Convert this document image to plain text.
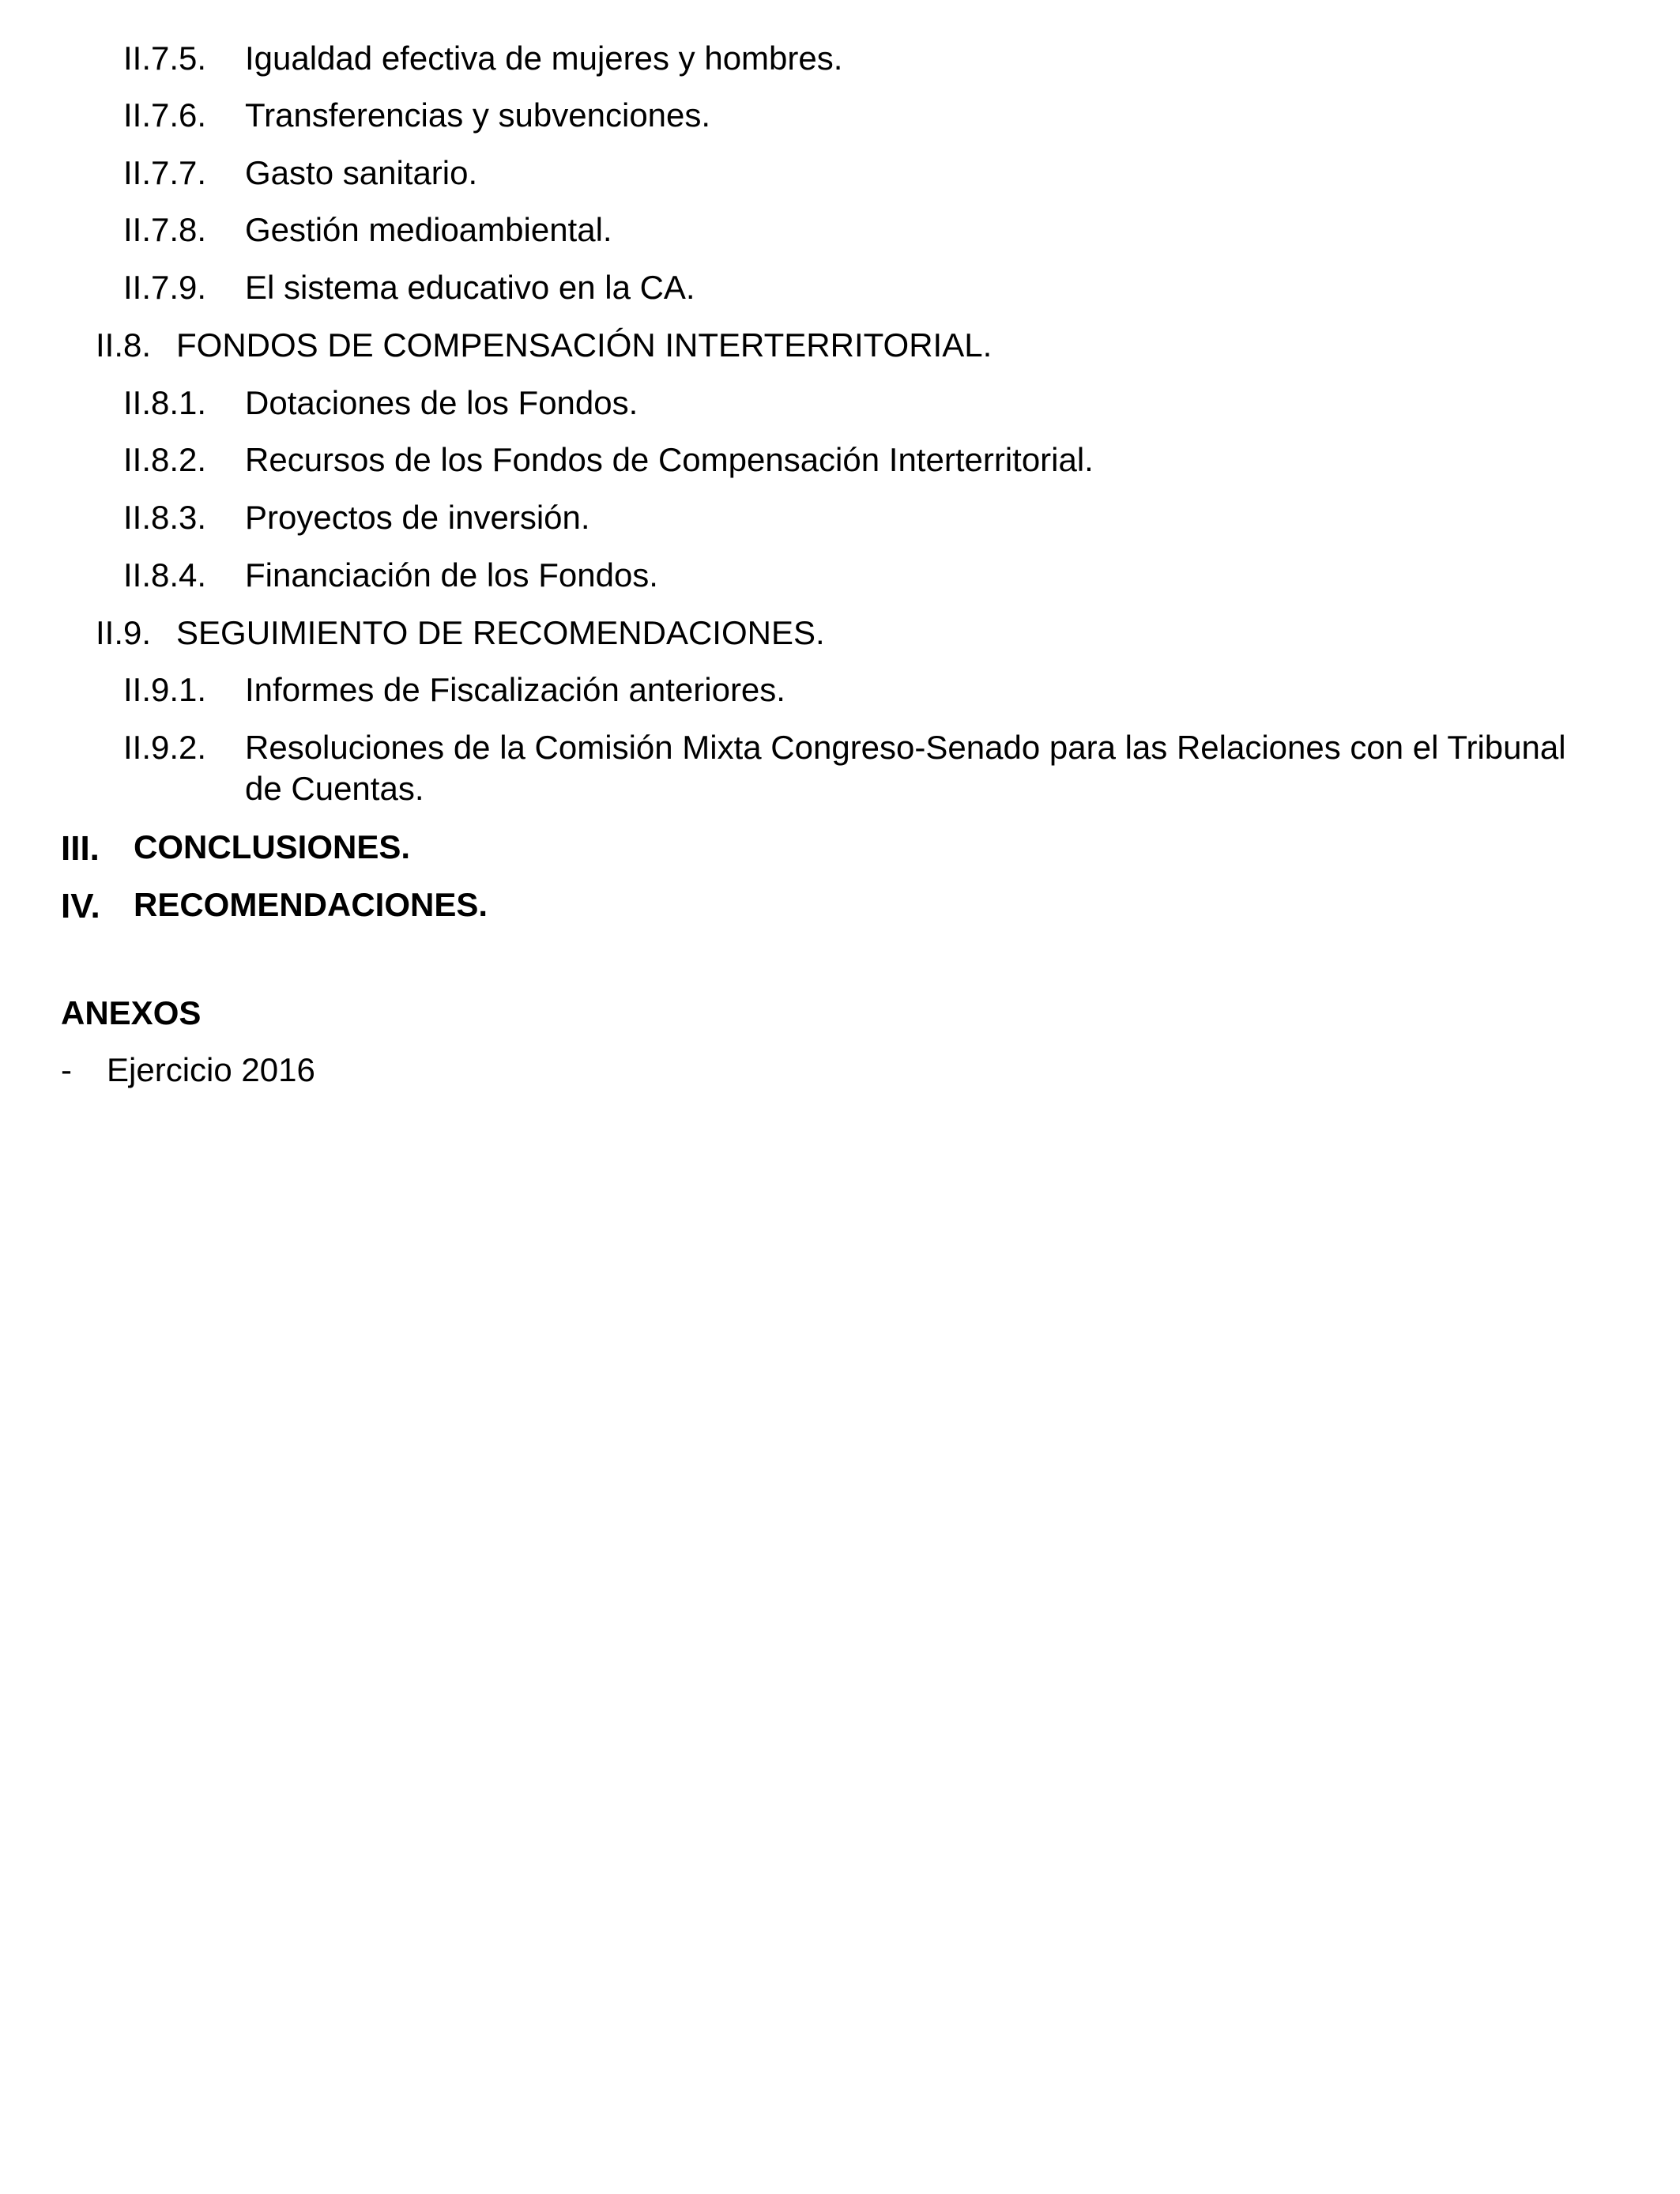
II.7.5. Igualdad efectiva de mujeres y hombres.
II.7.6. Transferencias y subvenciones.
II.7.7. Gasto sanitario.
II.7.8. Gestión medioambiental.
II.7.9. El sistema educativo en la CA.
II.8. FONDOS DE COMPENSACIÓN INTERTERRITORIAL.
II.8.1. Dotaciones de los Fondos.
II.8.2. Recursos de los Fondos de Compensación Interterritorial.
II.8.3. Proyectos de inversión.
II.8.4. Financiación de los Fondos.
II.9. SEGUIMIENTO DE RECOMENDACIONES.
II.9.1. Informes de Fiscalización anteriores.
II.9.2. Resoluciones de la Comisión Mixta Congreso-Senado para las Relaciones con el Tribunal de Cuentas.
III. CONCLUSIONES.
IV. RECOMENDACIONES.
ANEXOS
- Ejercicio 2016
